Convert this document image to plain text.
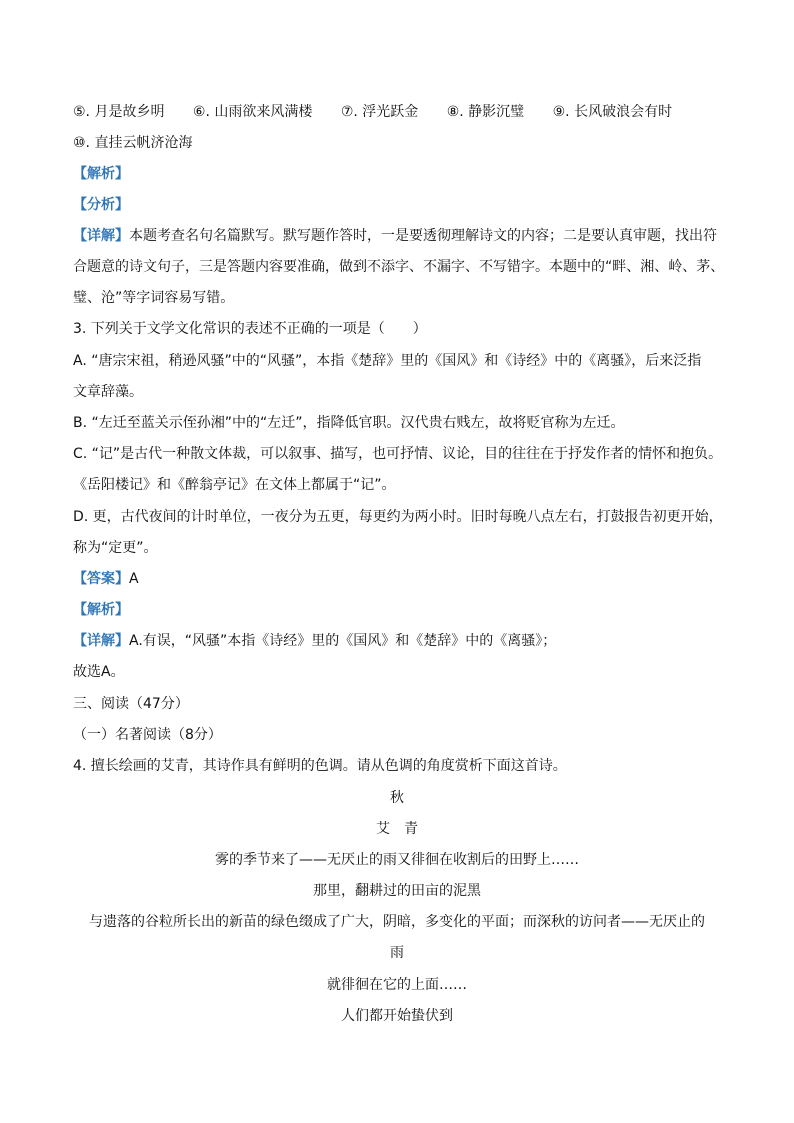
⑤. 月是故乡明 ⑥. 山雨欲来风满楼 ⑦. 浮光跃金 ⑧. 静影沉璧 ⑨. 长风破浪会有时
⑩. 直挂云帆济沧海
【解析】
【分析】
【详解】本题考查名句名篇默写。默写题作答时，一是要透彻理解诗文的内容；二是要认真审题，找出符
合题意的诗文句子，三是答题内容要准确，做到不添字、不漏字、不写错字。本题中的“畔、湘、岭、茅、
璧、沧”等字词容易写错。
3. 下列关于文学文化常识的表述不正确的一项是（　　）
A. “唐宗宋祖，稍逊风骚”中的“风骚”，本指《楚辞》里的《国风》和《诗经》中的《离骚》，后来泛指
文章辞藻。
B. “左迁至蓝关示侄孙湘”中的“左迁”，指降低官职。汉代贵右贱左，故将贬官称为左迁。
C. “记”是古代一种散文体裁，可以叙事、描写，也可抒情、议论，目的往往在于抒发作者的情怀和抱负。
《岳阳楼记》和《醉翁亭记》在文体上都属于“记”。
D. 更，古代夜间的计时单位，一夜分为五更，每更约为两小时。旧时每晚八点左右，打鼓报告初更开始，
称为“定更”。
【答案】A
【解析】
【详解】A.有误，“风骚”本指《诗经》里的《国风》和《楚辞》中的《离骚》；
故选A。
三、阅读（47分）
（一）名著阅读（8分）
4. 擅长绘画的艾青，其诗作具有鲜明的色调。请从色调的角度赏析下面这首诗。
秋
艾　青
雾的季节来了——无厌止的雨又徘徊在收割后的田野上……
那里，翻耕过的田亩的泥黑
与遗落的谷粒所长出的新苗的绿色缀成了广大，阴暗，多变化的平面；而深秋的访问者——无厌止的
雨
就徘徊在它的上面……
人们都开始蛰伏到
